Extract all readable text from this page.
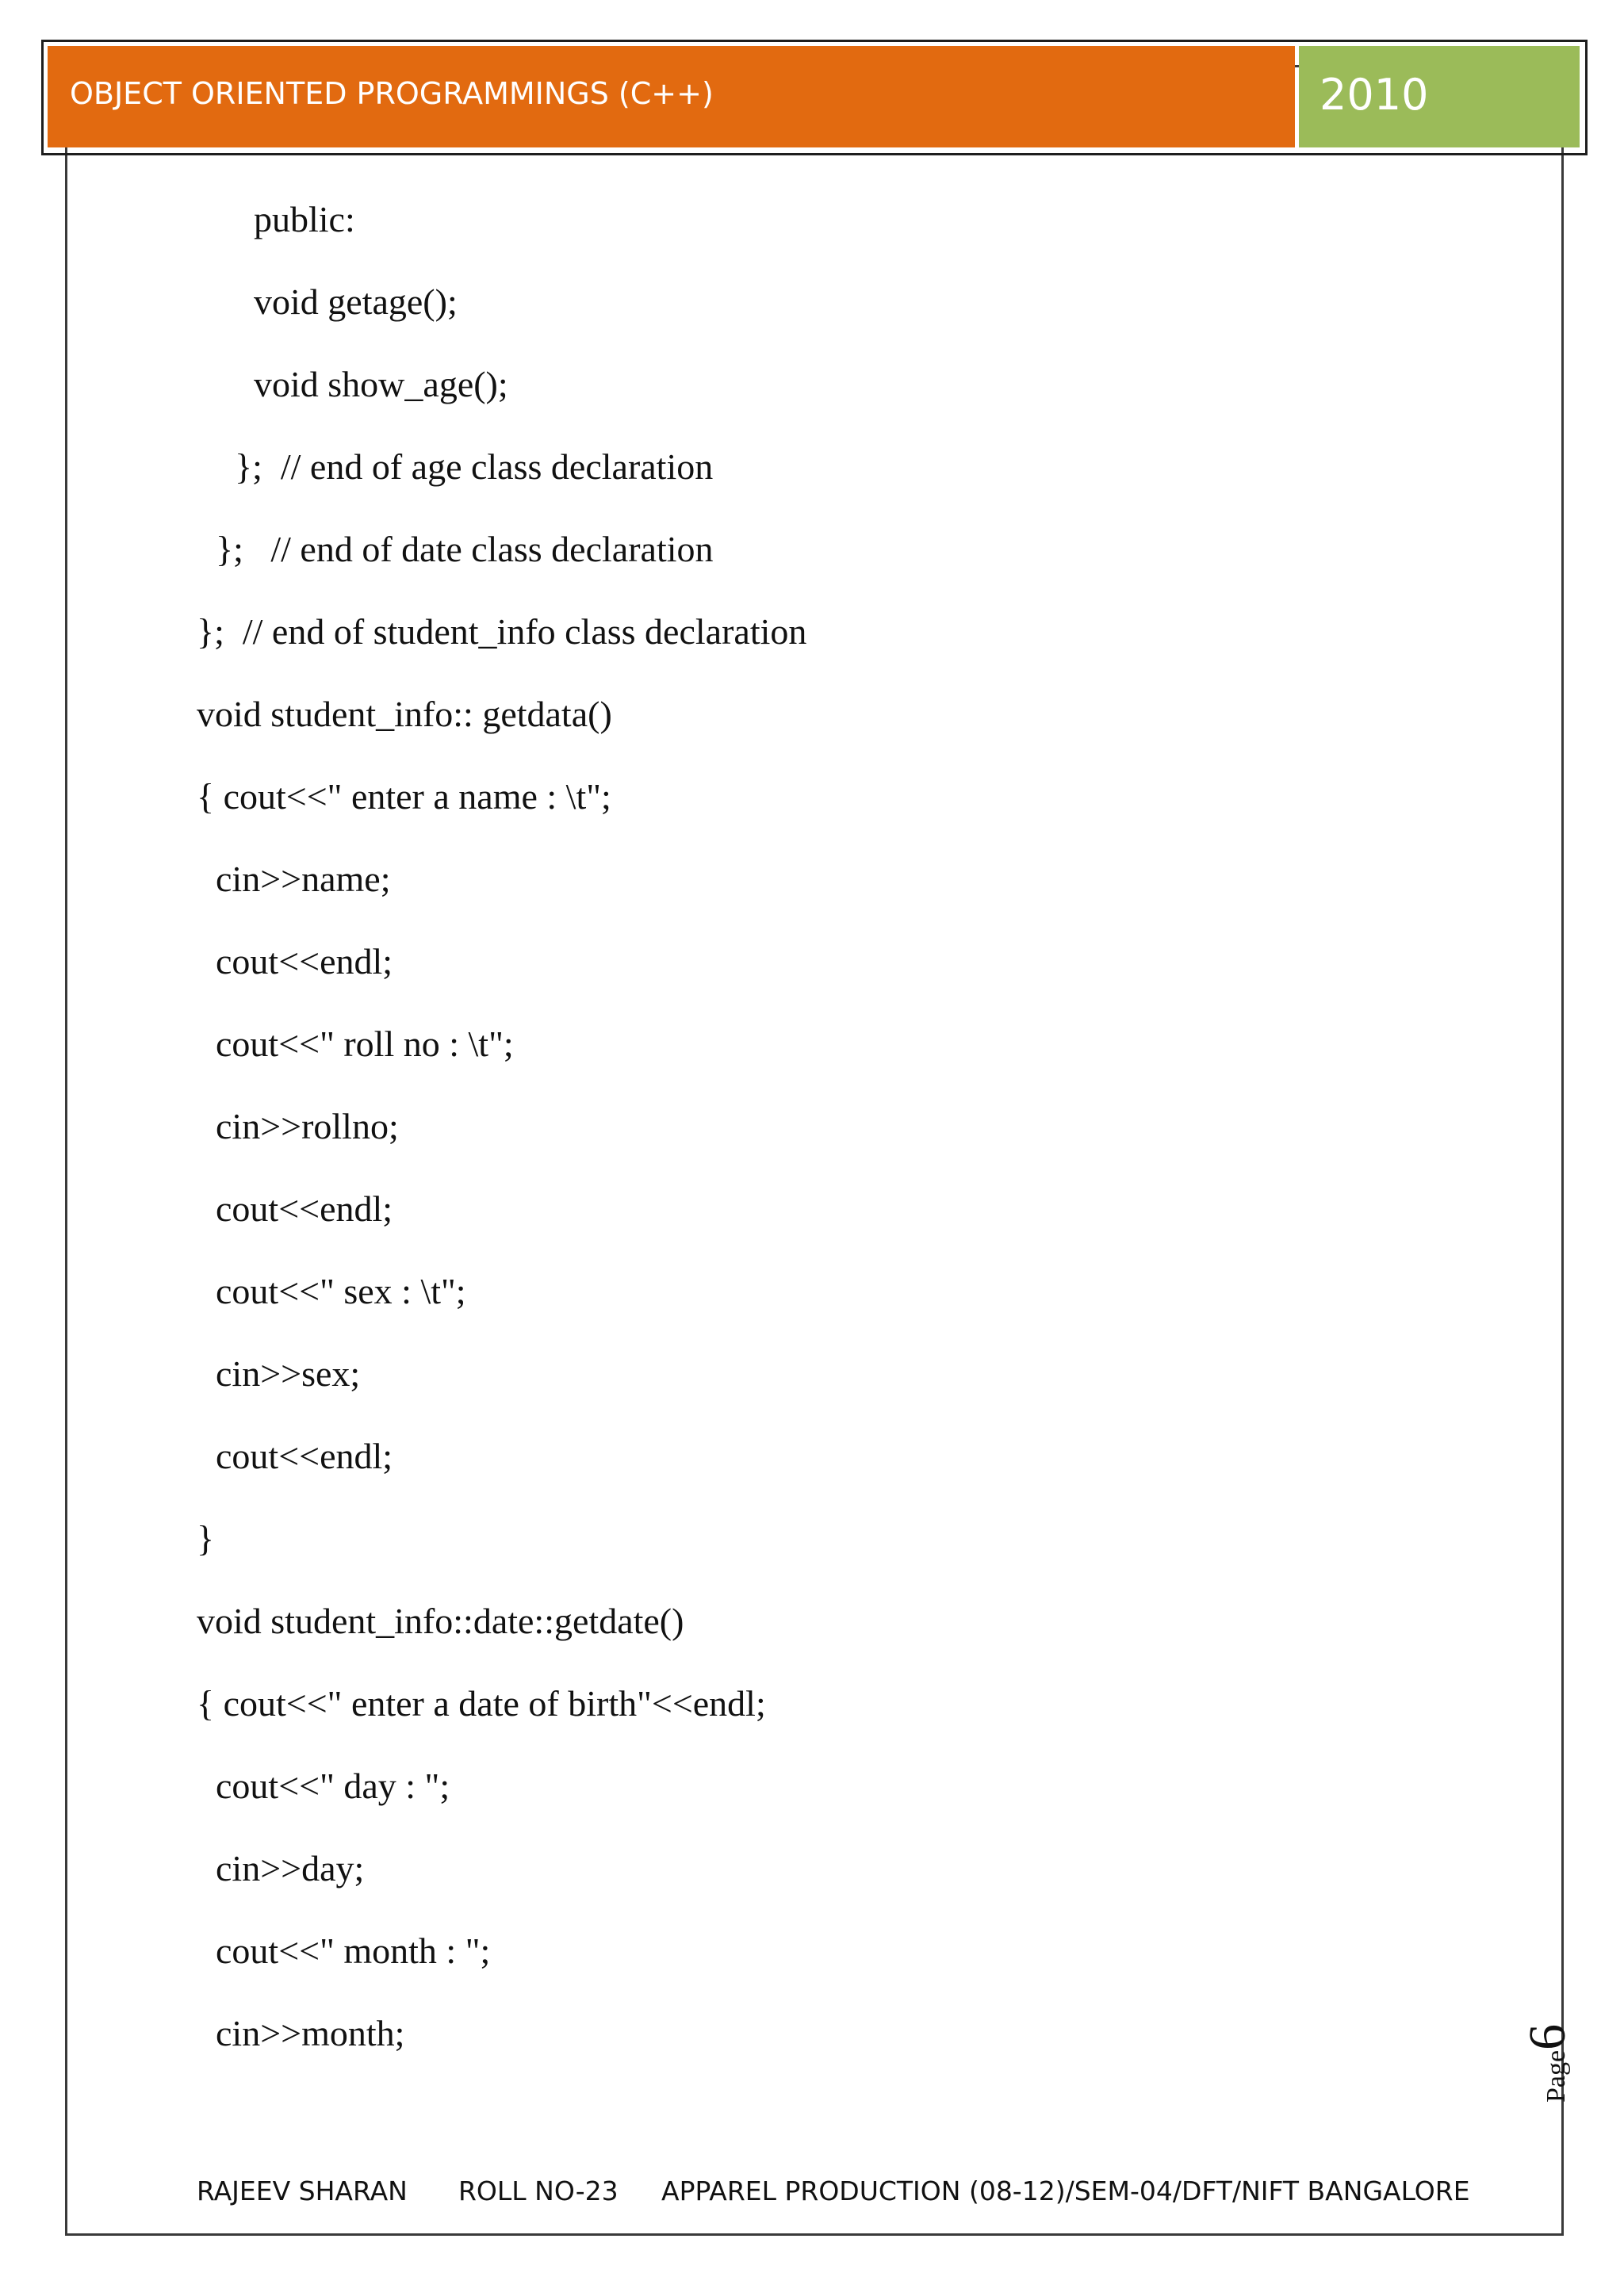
OBJECT ORIENTED PROGRAMMINGS (C++)	2010
public:
void getage();
void show_age();
};  // end of age class declaration
};   // end of date class declaration
};  // end of student_info class declaration
void student_info:: getdata()
{ cout<<" enter a name : \t";
cin>>name;
cout<<endl;
cout<<" roll no : \t";
cin>>rollno;
cout<<endl;
cout<<" sex : \t";
cin>>sex;
cout<<endl;
}
void student_info::date::getdate()
{ cout<<" enter a date of birth"<<endl;
cout<<" day : ";
cin>>day;
cout<<" month : ";
cin>>month;
Page6
RAJEEV SHARAN ROLL NO-23 APPAREL PRODUCTION (08-12)/SEM-04/DFT/NIFT BANGALORE
